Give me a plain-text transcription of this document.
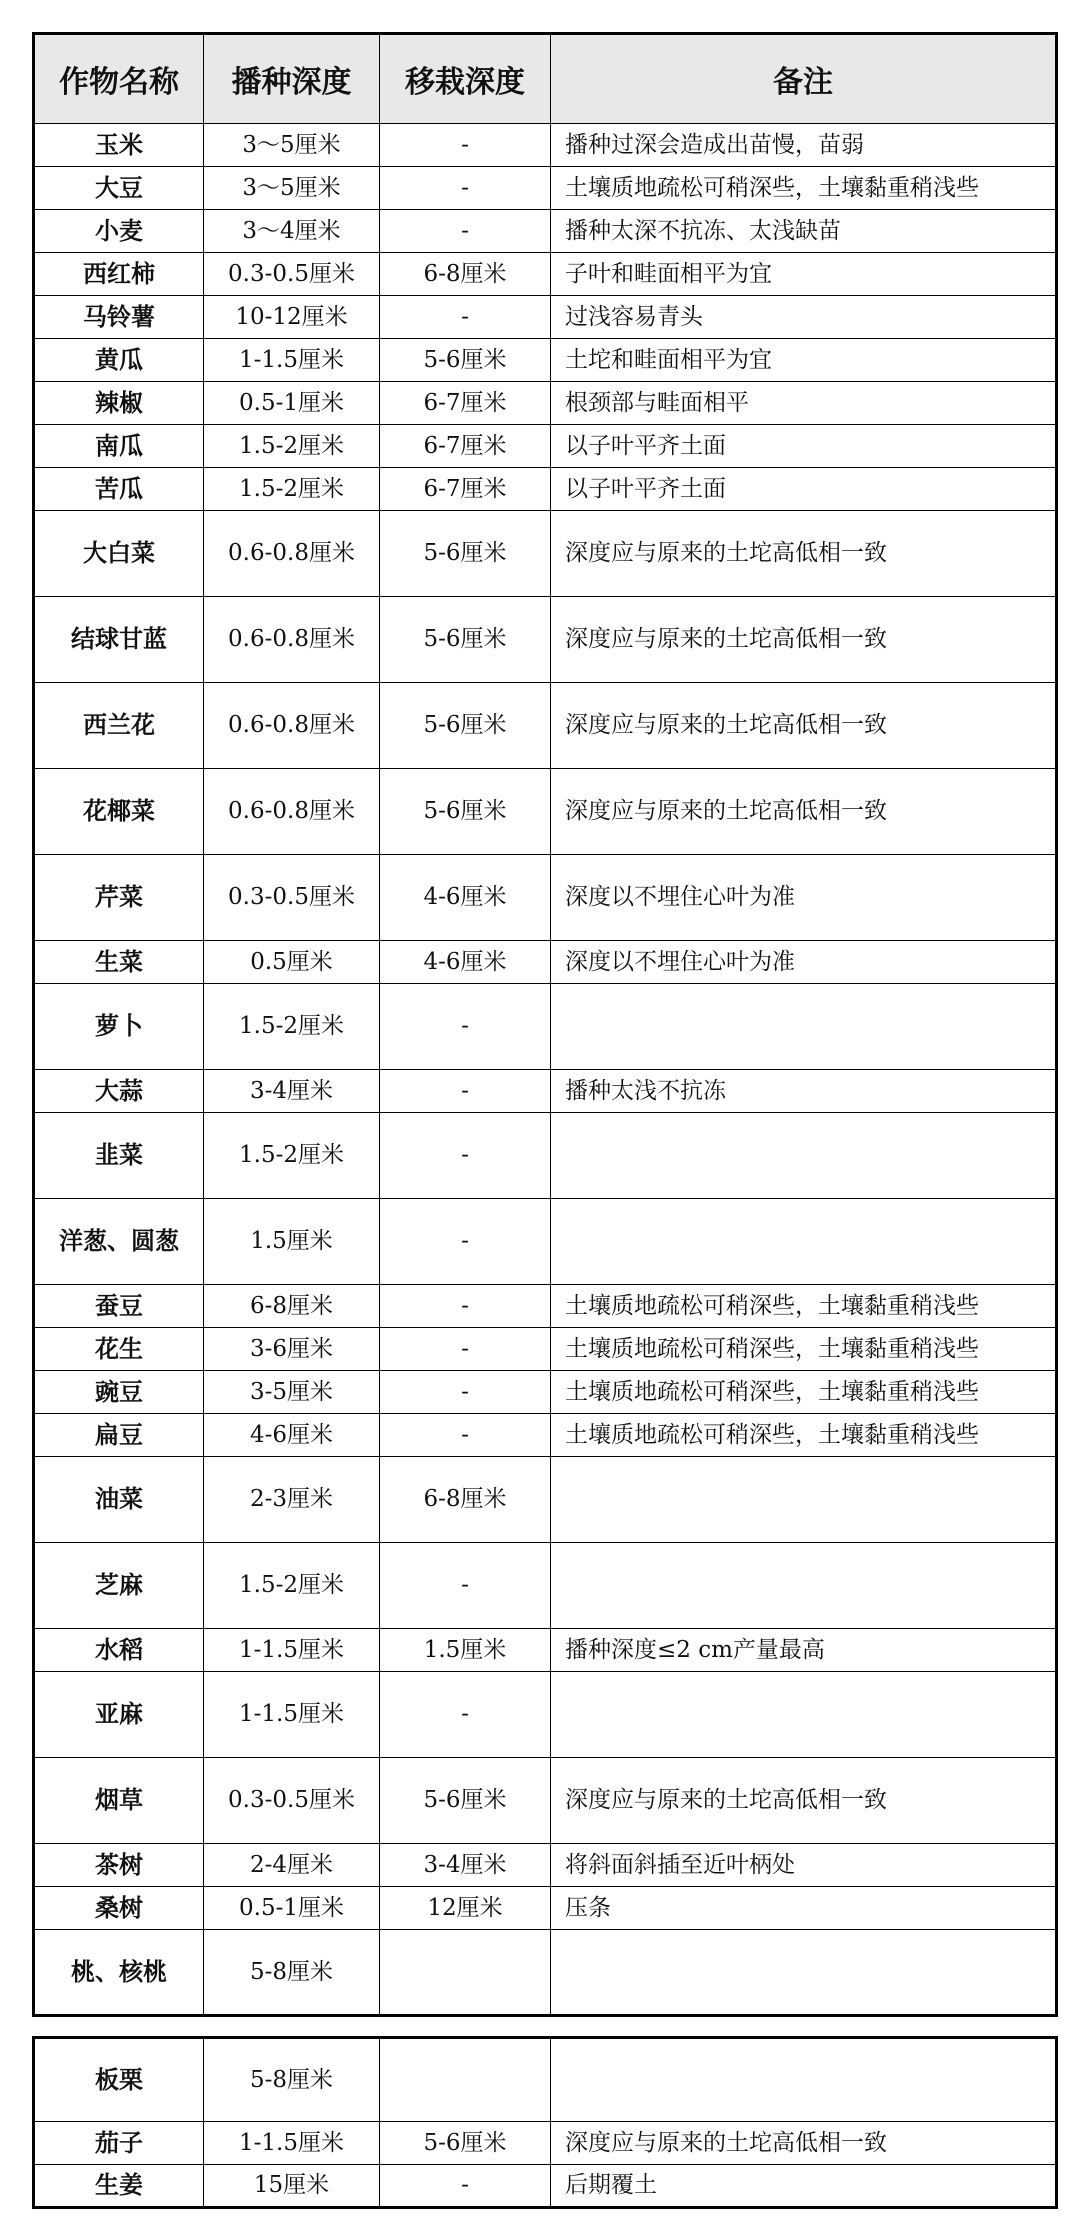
作物名称	播种深度	移栽深度	备注
玉米	3～5厘米	-	播种过深会造成出苗慢，苗弱
大豆	3～5厘米	-	土壤质地疏松可稍深些，土壤黏重稍浅些
小麦	3～4厘米	-	播种太深不抗冻、太浅缺苗
西红柿	0.3-0.5厘米	6-8厘米	子叶和畦面相平为宜
马铃薯	10-12厘米	-	过浅容易青头
黄瓜	1-1.5厘米	5-6厘米	土坨和畦面相平为宜
辣椒	0.5-1厘米	6-7厘米	根颈部与畦面相平
南瓜	1.5-2厘米	6-7厘米	以子叶平齐土面
苦瓜	1.5-2厘米	6-7厘米	以子叶平齐土面
大白菜	0.6-0.8厘米	5-6厘米	深度应与原来的土坨高低相一致
结球甘蓝	0.6-0.8厘米	5-6厘米	深度应与原来的土坨高低相一致
西兰花	0.6-0.8厘米	5-6厘米	深度应与原来的土坨高低相一致
花椰菜	0.6-0.8厘米	5-6厘米	深度应与原来的土坨高低相一致
芹菜	0.3-0.5厘米	4-6厘米	深度以不埋住心叶为准
生菜	0.5厘米	4-6厘米	深度以不埋住心叶为准
萝卜	1.5-2厘米	-	
大蒜	3-4厘米	-	播种太浅不抗冻
韭菜	1.5-2厘米	-	
洋葱、圆葱	1.5厘米	-	
蚕豆	6-8厘米	-	土壤质地疏松可稍深些，土壤黏重稍浅些
花生	3-6厘米	-	土壤质地疏松可稍深些，土壤黏重稍浅些
豌豆	3-5厘米	-	土壤质地疏松可稍深些，土壤黏重稍浅些
扁豆	4-6厘米	-	土壤质地疏松可稍深些，土壤黏重稍浅些
油菜	2-3厘米	6-8厘米	
芝麻	1.5-2厘米	-	
水稻	1-1.5厘米	1.5厘米	播种深度≤2 cm产量最高
亚麻	1-1.5厘米	-	
烟草	0.3-0.5厘米	5-6厘米	深度应与原来的土坨高低相一致
茶树	2-4厘米	3-4厘米	将斜面斜插至近叶柄处
桑树	0.5-1厘米	12厘米	压条
桃、核桃	5-8厘米		
板栗	5-8厘米		
茄子	1-1.5厘米	5-6厘米	深度应与原来的土坨高低相一致
生姜	15厘米	-	后期覆土
